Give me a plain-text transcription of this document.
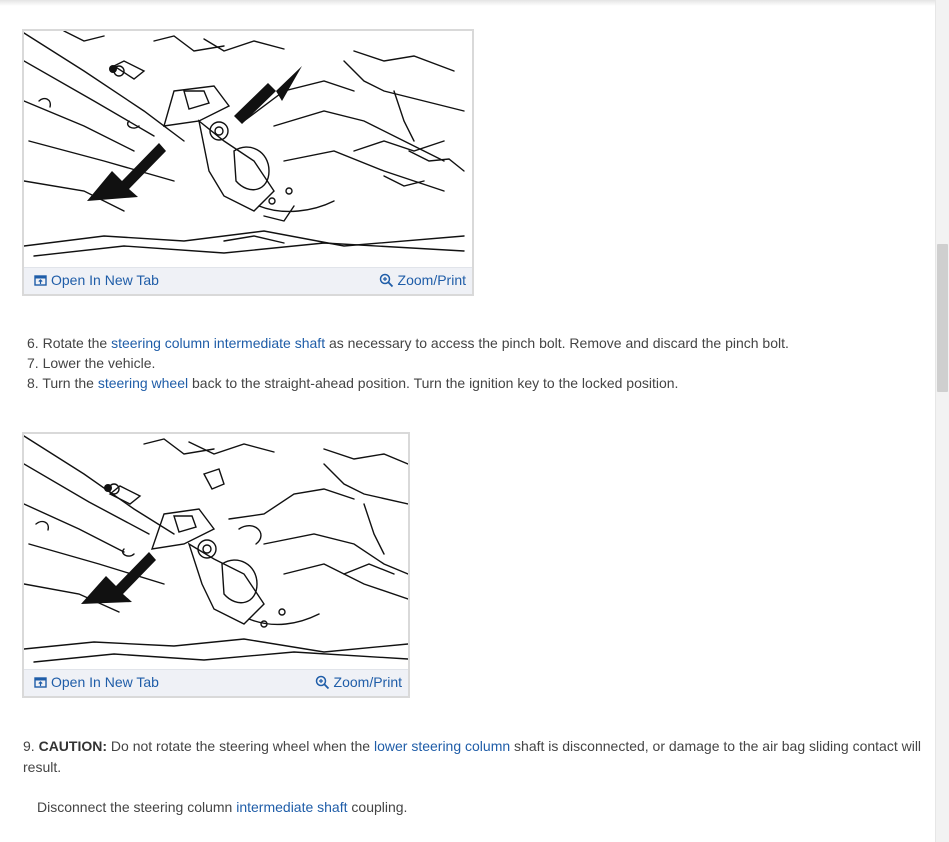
Open In New Tab	Zoom/Print
6. Rotate the steering column intermediate shaft as necessary to access the pinch bolt. Remove and discard the pinch bolt.
7. Lower the vehicle.
8. Turn the steering wheel back to the straight-ahead position. Turn the ignition key to the locked position.
Open In New Tab	Zoom/Print
9. CAUTION: Do not rotate the steering wheel when the lower steering column shaft is disconnected, or damage to the air bag sliding contact will result.
Disconnect the steering column intermediate shaft coupling.
